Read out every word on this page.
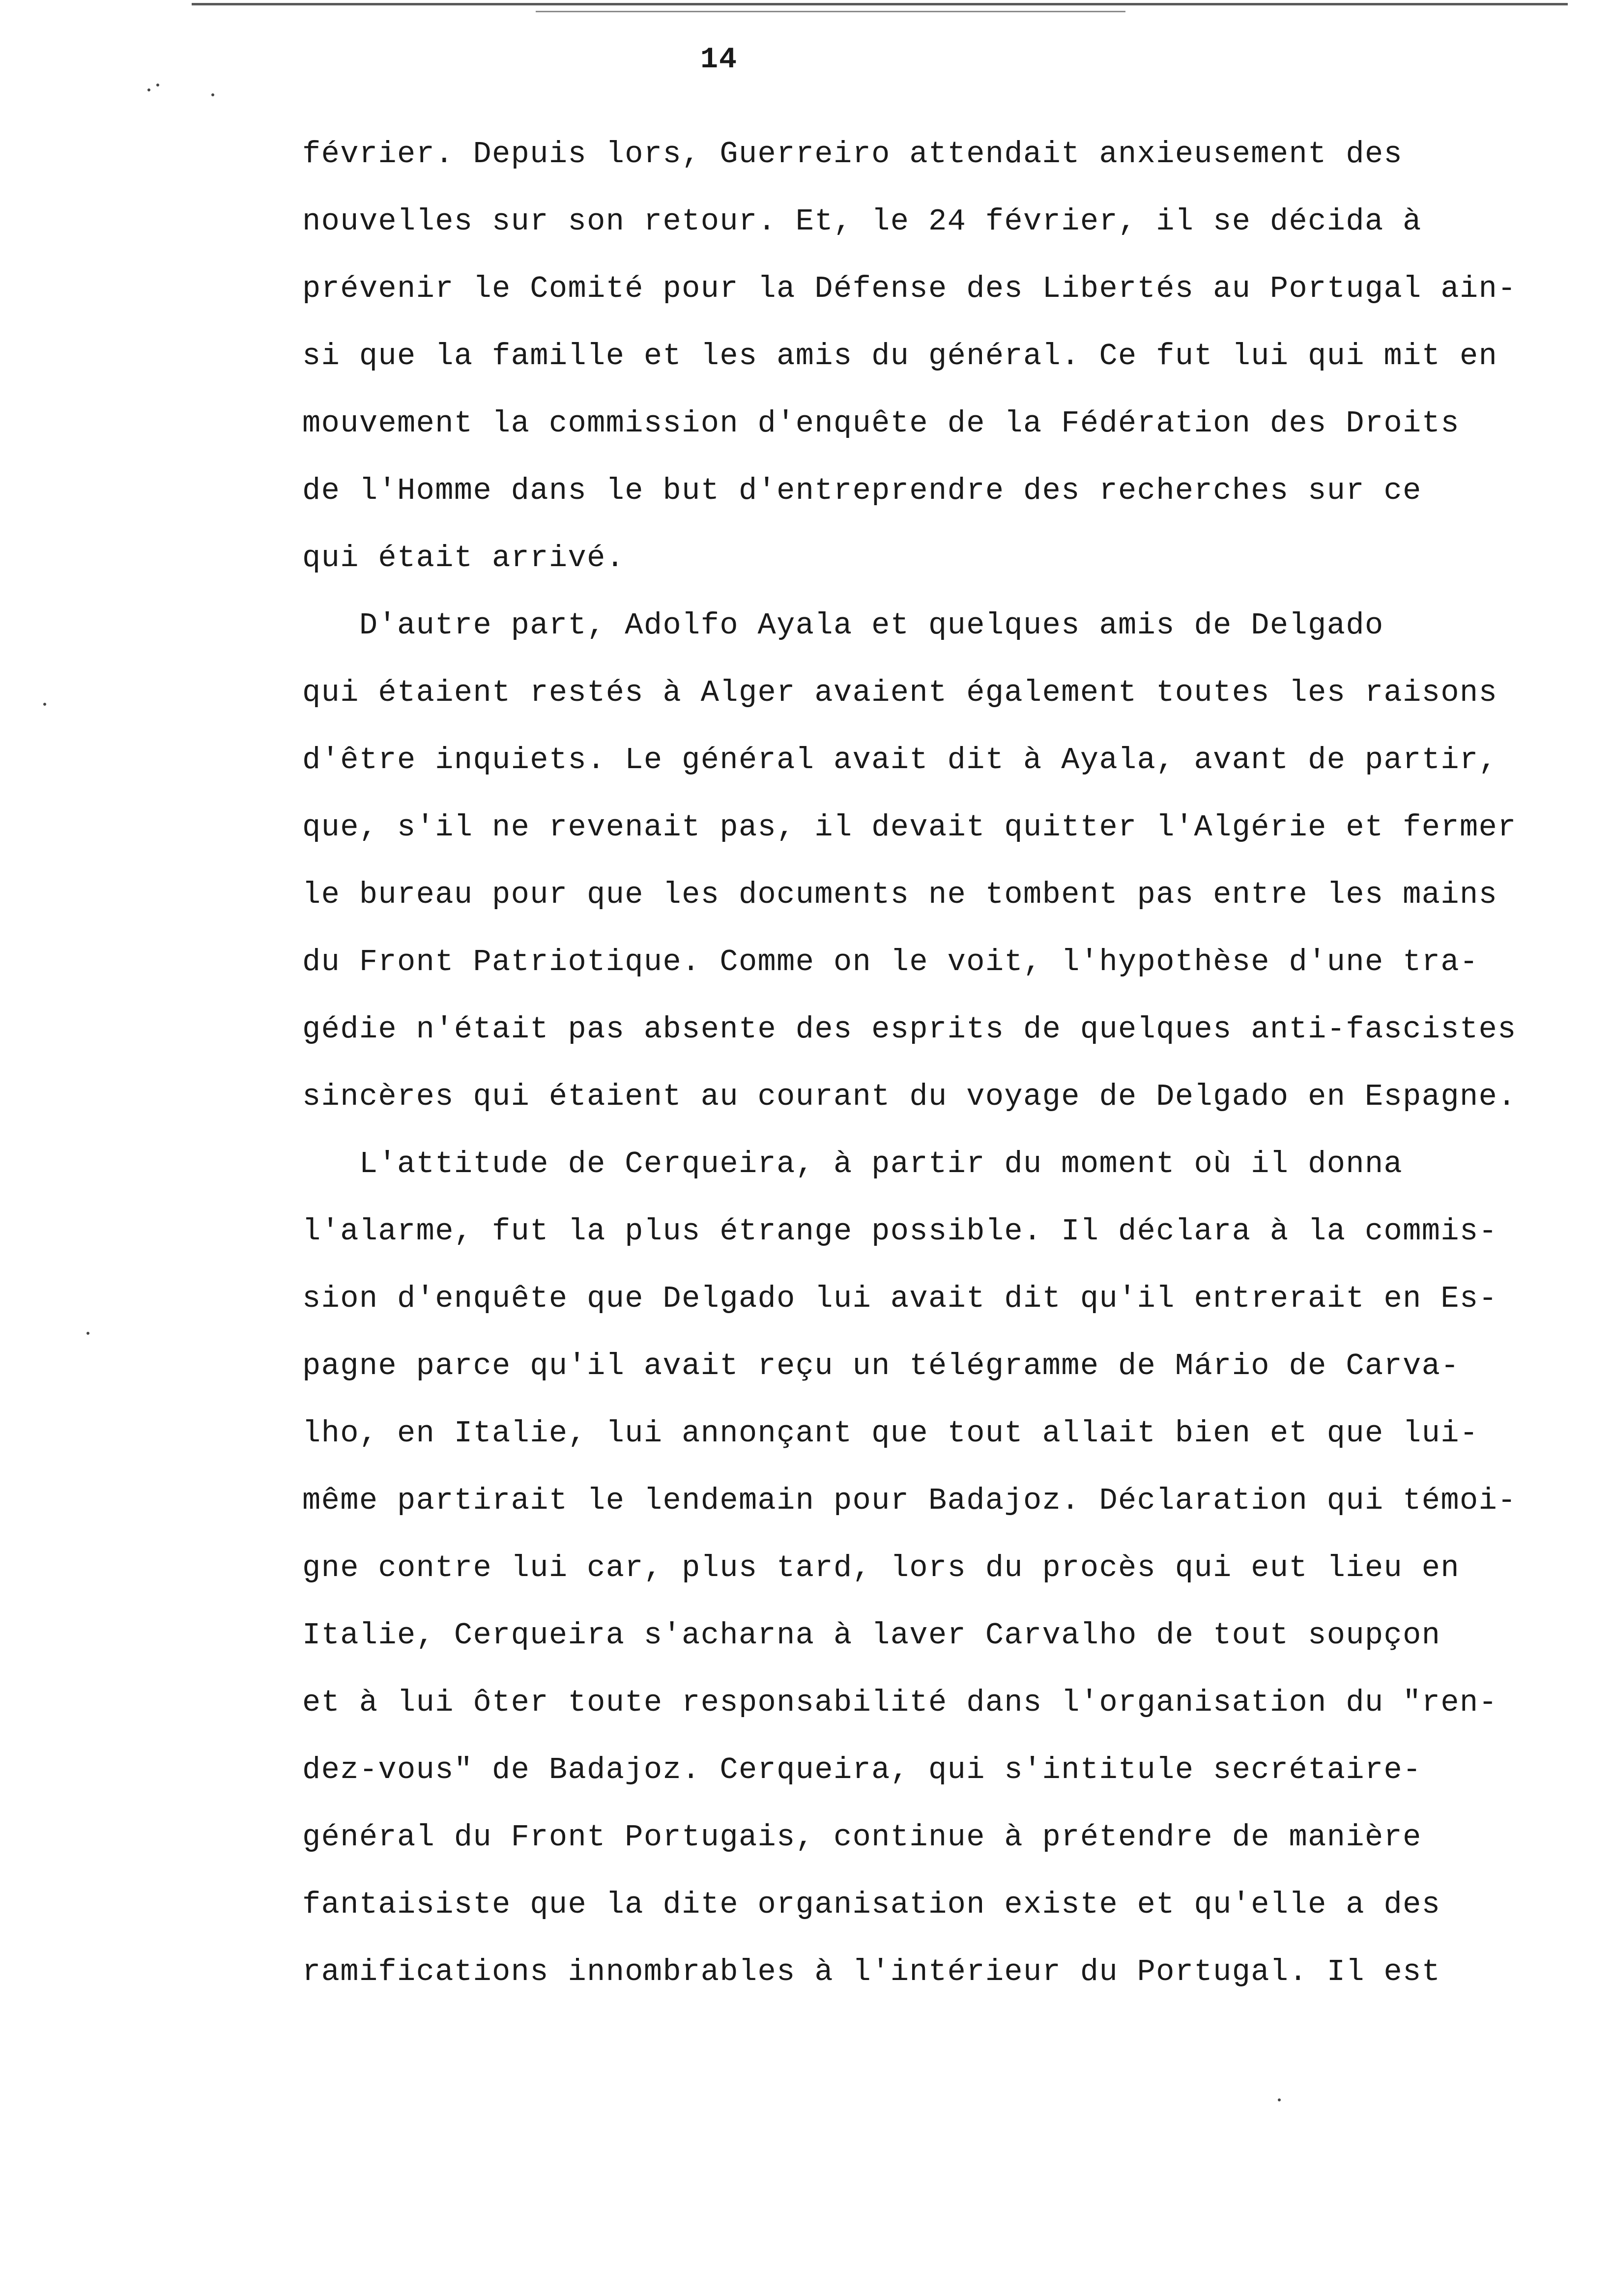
14
février. Depuis lors, Guerreiro attendait anxieusement des
nouvelles sur son retour. Et, le 24 février, il se décida à
prévenir le Comité pour la Défense des Libertés au Portugal ain-
si que la famille et les amis du général. Ce fut lui qui mit en
mouvement la commission d'enquête de la Fédération des Droits
de l'Homme dans le but d'entreprendre des recherches sur ce
qui était arrivé.
D'autre part, Adolfo Ayala et quelques amis de Delgado
qui étaient restés à Alger avaient également toutes les raisons
d'être inquiets. Le général avait dit à Ayala, avant de partir,
que, s'il ne revenait pas, il devait quitter l'Algérie et fermer
le bureau pour que les documents ne tombent pas entre les mains
du Front Patriotique. Comme on le voit, l'hypothèse d'une tra-
gédie n'était pas absente des esprits de quelques anti-fascistes
sincères qui étaient au courant du voyage de Delgado en Espagne.
L'attitude de Cerqueira, à partir du moment où il donna
l'alarme, fut la plus étrange possible. Il déclara à la commis-
sion d'enquête que Delgado lui avait dit qu'il entrerait en Es-
pagne parce qu'il avait reçu un télégramme de Mário de Carva-
lho, en Italie, lui annonçant que tout allait bien et que lui-
même partirait le lendemain pour Badajoz. Déclaration qui témoi-
gne contre lui car, plus tard, lors du procès qui eut lieu en
Italie, Cerqueira s'acharna à laver Carvalho de tout soupçon
et à lui ôter toute responsabilité dans l'organisation du "ren-
dez-vous" de Badajoz. Cerqueira, qui s'intitule secrétaire-
général du Front Portugais, continue à prétendre de manière
fantaisiste que la dite organisation existe et qu'elle a des
ramifications innombrables à l'intérieur du Portugal. Il est
